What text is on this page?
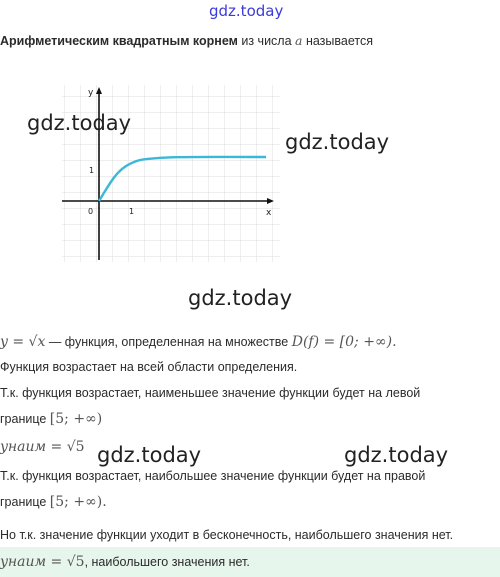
gdz.today
Арифметическим квадратным корнем из числа a называется
y
x
0	1
1
gdz.today
gdz.today
gdz.today
gdz.today	gdz.today
y = √x — функция, определенная на множестве D(f) = [0; +∞).
Функция возрастает на всей области определения.
Т.к. функция возрастает, наименьшее значение функции будет на левой
границе [5; +∞)
yнаим = √5
Т.к. функция возрастает, наибольшее значение функции будет на правой
границе [5; +∞).
Но т.к. значение функции уходит в бесконечность, наибольшего значения нет.
yнаим = √5, наибольшего значения нет.
